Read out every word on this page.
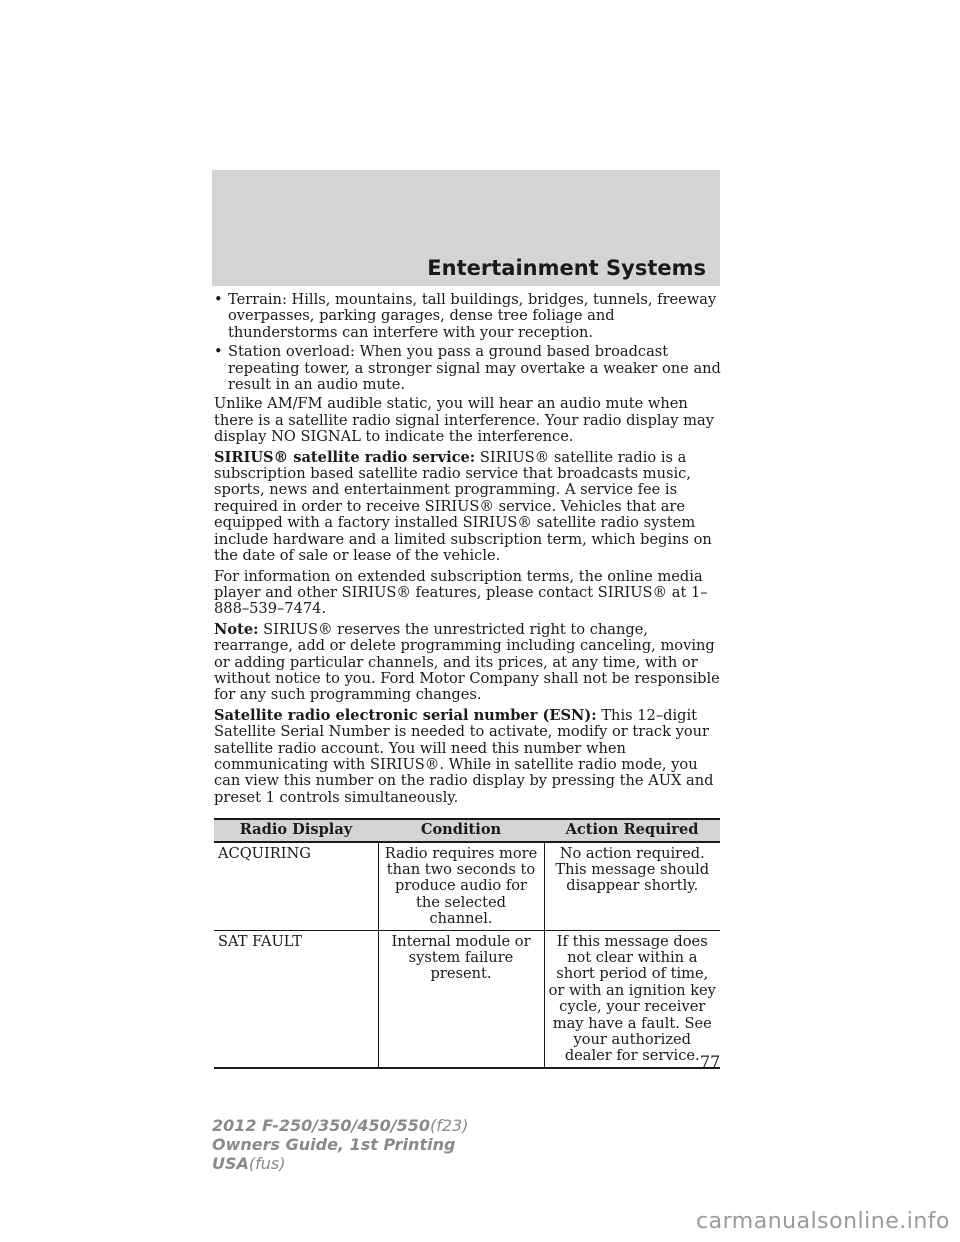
Entertainment Systems
• Terrain: Hills, mountains, tall buildings, bridges, tunnels, freeway overpasses, parking garages, dense tree foliage and thunderstorms can interfere with your reception.
• Station overload: When you pass a ground based broadcast repeating tower, a stronger signal may overtake a weaker one and result in an audio mute.

Unlike AM/FM audible static, you will hear an audio mute when there is a satellite radio signal interference. Your radio display may display NO SIGNAL to indicate the interference.

SIRIUS® satellite radio service: SIRIUS® satellite radio is a subscription based satellite radio service that broadcasts music, sports, news and entertainment programming. A service fee is required in order to receive SIRIUS® service. Vehicles that are equipped with a factory installed SIRIUS® satellite radio system include hardware and a limited subscription term, which begins on the date of sale or lease of the vehicle.

For information on extended subscription terms, the online media player and other SIRIUS® features, please contact SIRIUS® at 1–888–539–7474.

Note: SIRIUS® reserves the unrestricted right to change, rearrange, add or delete programming including canceling, moving or adding particular channels, and its prices, at any time, with or without notice to you. Ford Motor Company shall not be responsible for any such programming changes.

Satellite radio electronic serial number (ESN): This 12–digit Satellite Serial Number is needed to activate, modify or track your satellite radio account. You will need this number when communicating with SIRIUS®. While in satellite radio mode, you can view this number on the radio display by pressing the AUX and preset 1 controls simultaneously.

Radio Display	Condition	Action Required
ACQUIRING	Radio requires more than two seconds to produce audio for the selected channel.	No action required. This message should disappear shortly.
SAT FAULT	Internal module or system failure present.	If this message does not clear within a short period of time, or with an ignition key cycle, your receiver may have a fault. See your authorized dealer for service. 77
2012 F-250/350/450/550(f23)
Owners Guide, 1st Printing
USA(fus)
carmanualsonline.info
